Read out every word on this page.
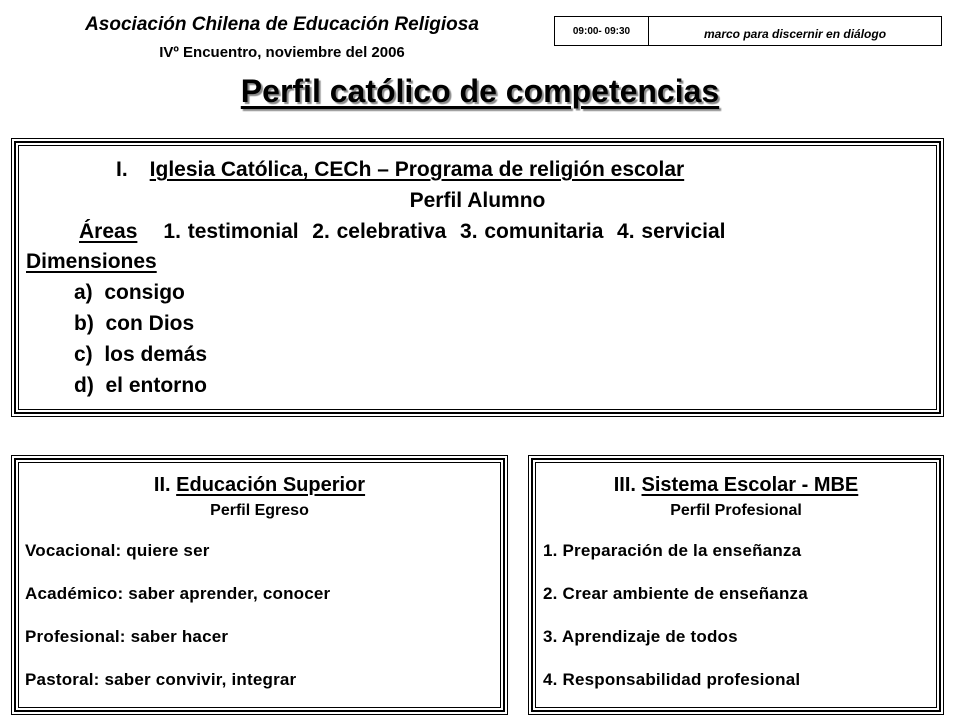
Asociación Chilena de Educación Religiosa
IVº Encuentro, noviembre del 2006
09:00- 09:30	marco para discernir en diálogo
Perfil católico de competencias
I. Iglesia Católica, CECh – Programa de religión escolar
Perfil Alumno
Áreas 1. testimonial  2. celebrativa  3. comunitaria  4. servicial
Dimensiones
a)  consigo
b)  con Dios
c)  los demás
d)  el entorno
II. Educación Superior
Perfil Egreso
Vocacional: quiere ser
Académico: saber aprender, conocer
Profesional: saber hacer
Pastoral: saber convivir, integrar
III. Sistema Escolar - MBE
Perfil Profesional
1. Preparación de la enseñanza
2. Crear ambiente de enseñanza
3. Aprendizaje de todos
4. Responsabilidad profesional
